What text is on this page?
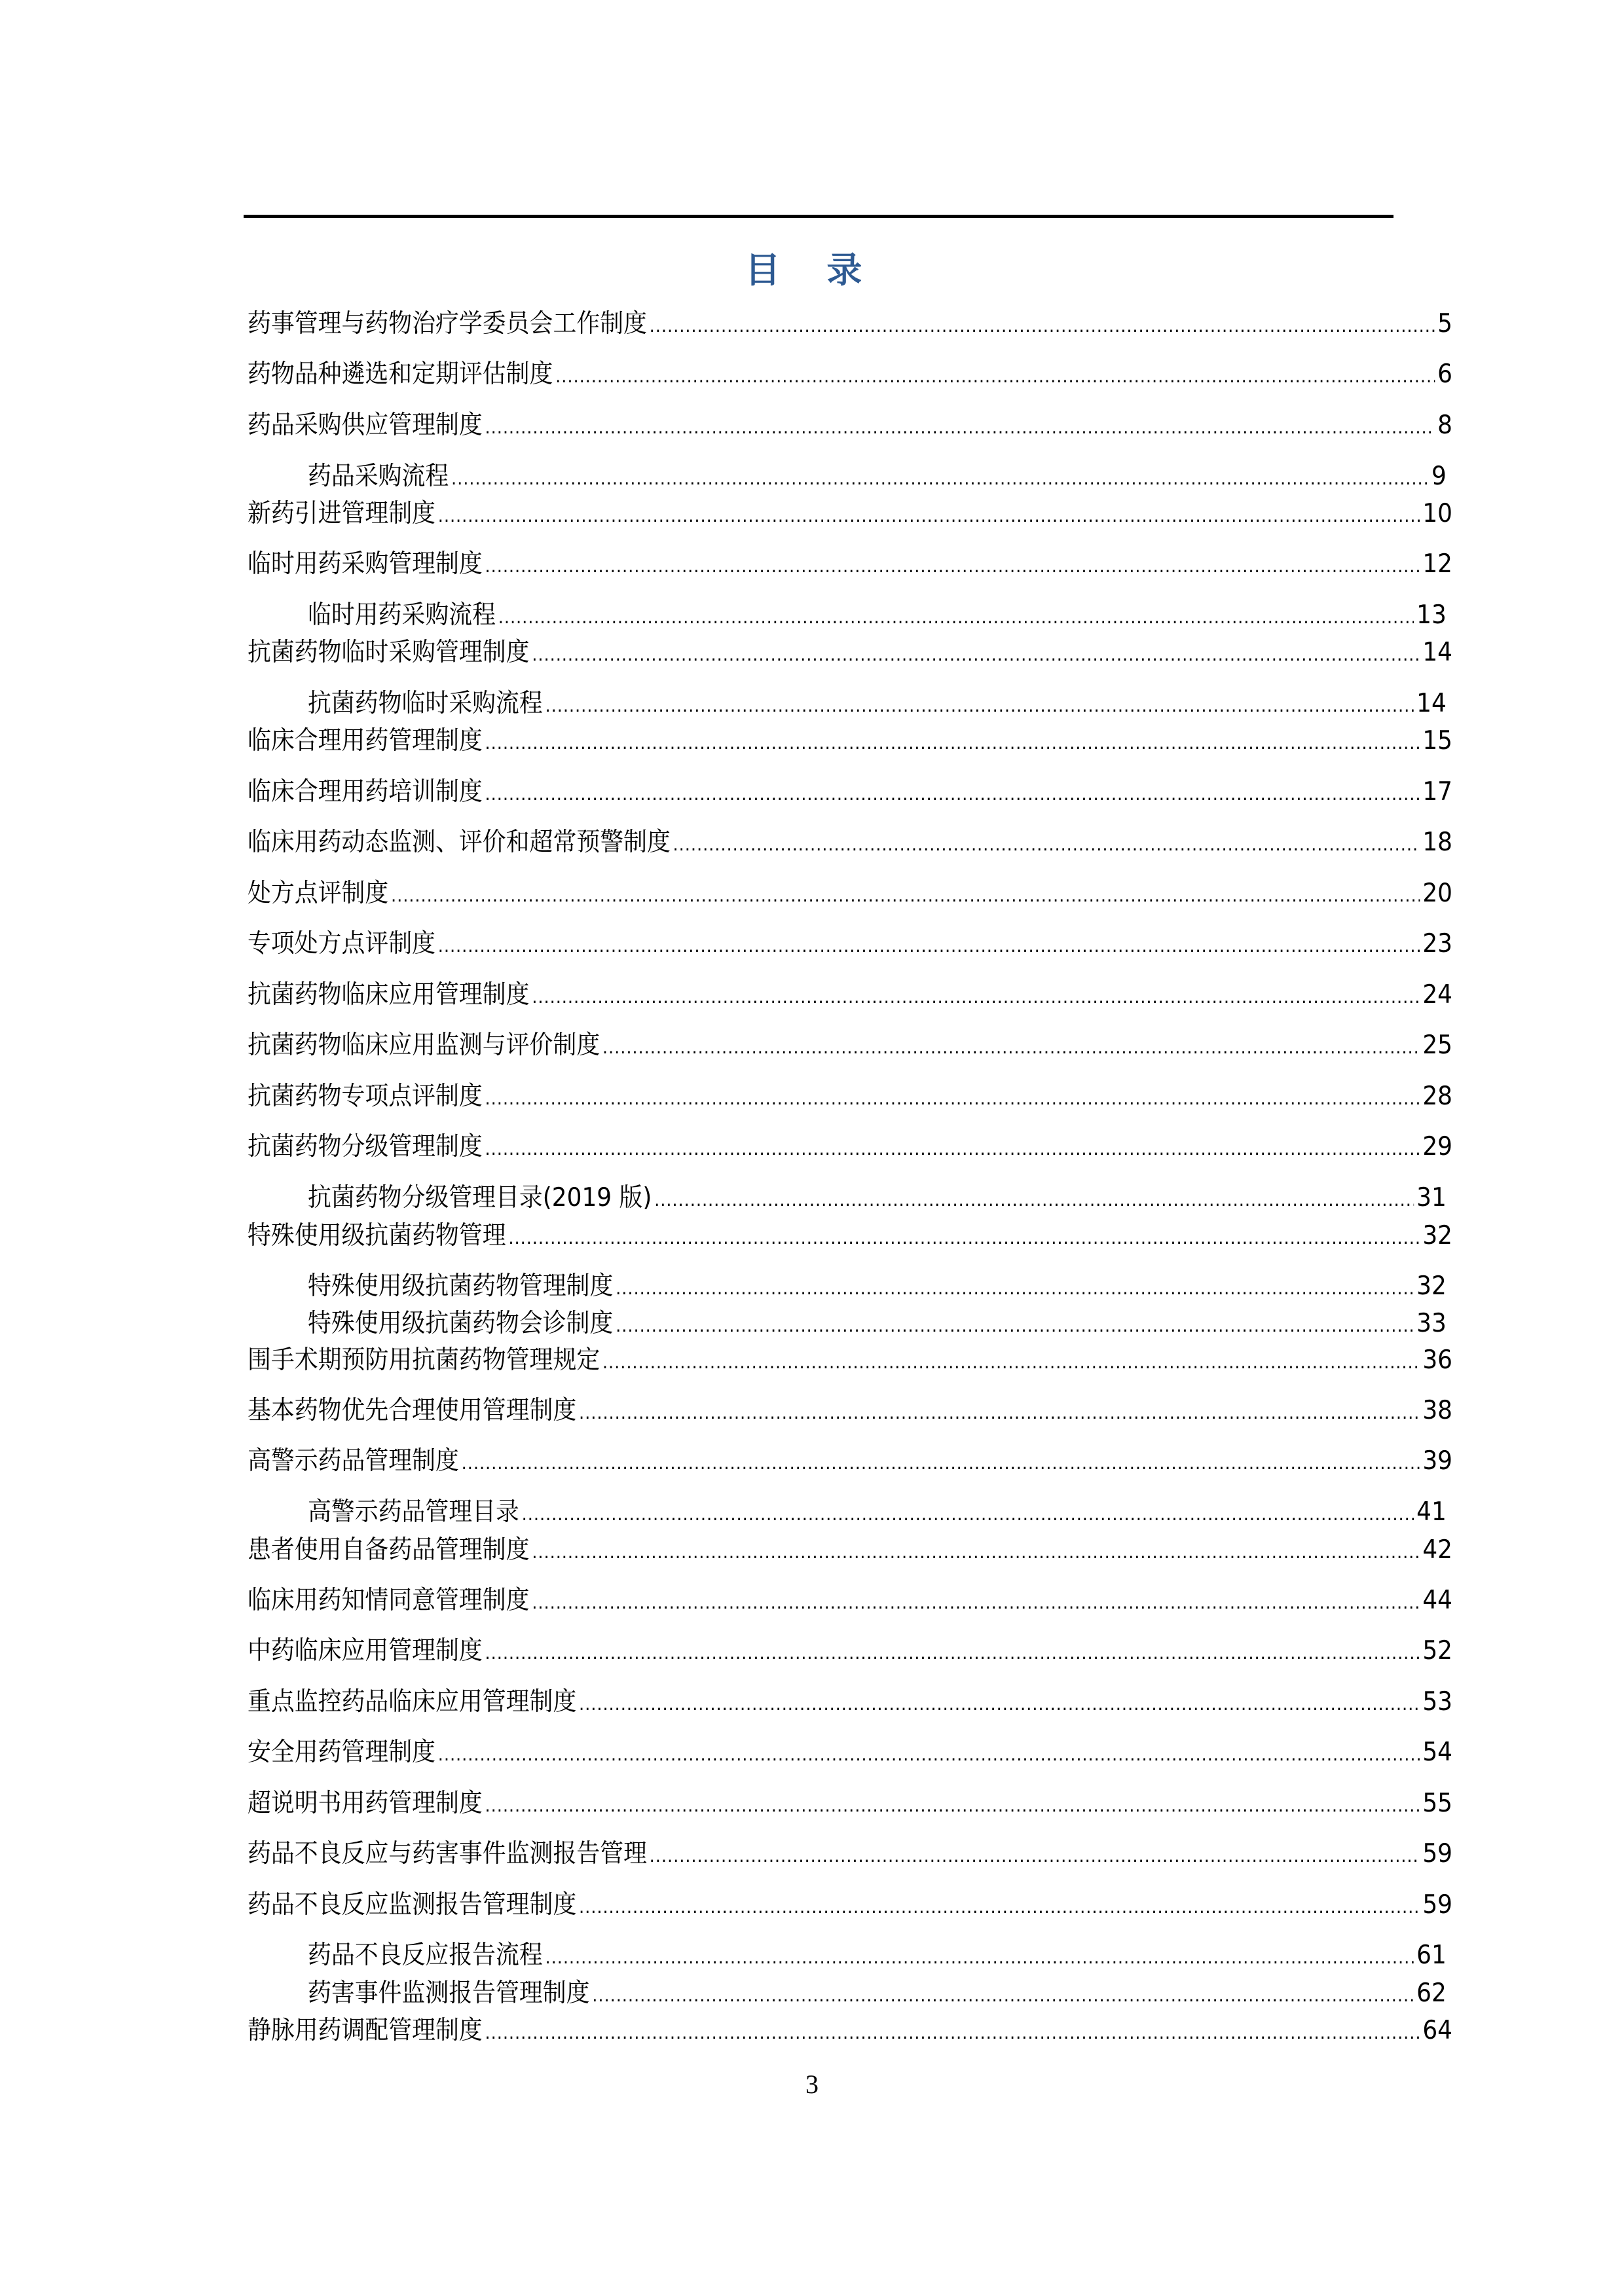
目 录
药事管理与药物治疗学委员会工作制度 .....	5
药物品种遴选和定期评估制度 .....	6
药品采购供应管理制度 .....	8
药品采购流程 .....	9
新药引进管理制度 .....	10
临时用药采购管理制度 .....	12
临时用药采购流程 .....	13
抗菌药物临时采购管理制度 .....	14
抗菌药物临时采购流程 .....	14
临床合理用药管理制度 .....	15
临床合理用药培训制度 .....	17
临床用药动态监测、评价和超常预警制度 .....	18
处方点评制度 .....	20
专项处方点评制度 .....	23
抗菌药物临床应用管理制度 .....	24
抗菌药物临床应用监测与评价制度 .....	25
抗菌药物专项点评制度 .....	28
抗菌药物分级管理制度 .....	29
抗菌药物分级管理目录(2019 版) .....	31
特殊使用级抗菌药物管理 .....	32
特殊使用级抗菌药物管理制度 .....	32
特殊使用级抗菌药物会诊制度 .....	33
围手术期预防用抗菌药物管理规定 .....	36
基本药物优先合理使用管理制度 .....	38
高警示药品管理制度 .....	39
高警示药品管理目录 .....	41
患者使用自备药品管理制度 .....	42
临床用药知情同意管理制度 .....	44
中药临床应用管理制度 .....	52
重点监控药品临床应用管理制度 .....	53
安全用药管理制度 .....	54
超说明书用药管理制度 .....	55
药品不良反应与药害事件监测报告管理 .....	59
药品不良反应监测报告管理制度 .....	59
药品不良反应报告流程 .....	61
药害事件监测报告管理制度 .....	62
静脉用药调配管理制度 .....	64
3
